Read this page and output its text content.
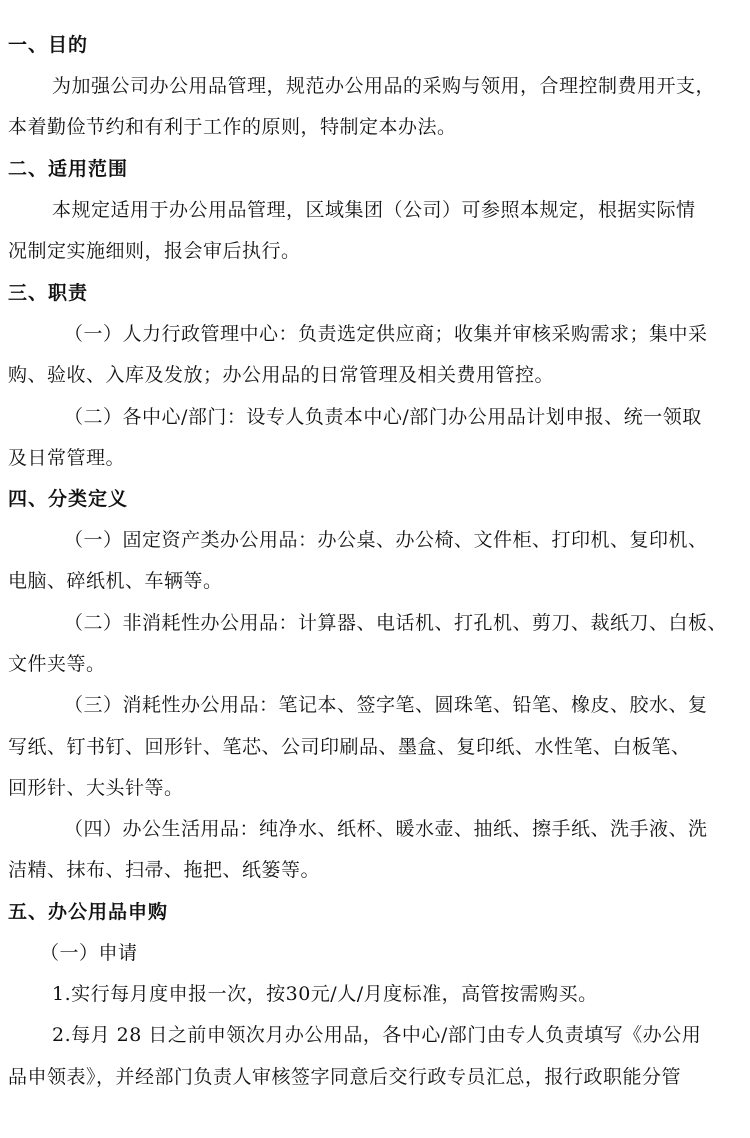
一、目的
为加强公司办公用品管理，规范办公用品的采购与领用，合理控制费用开支，
本着勤俭节约和有利于工作的原则，特制定本办法。
二、适用范围
本规定适用于办公用品管理，区域集团（公司）可参照本规定，根据实际情
况制定实施细则，报会审后执行。
三、职责
（一）人力行政管理中心：负责选定供应商；收集并审核采购需求；集中采
购、验收、入库及发放；办公用品的日常管理及相关费用管控。
（二）各中心/部门：设专人负责本中心/部门办公用品计划申报、统一领取
及日常管理。
四、分类定义
（一）固定资产类办公用品：办公桌、办公椅、文件柜、打印机、复印机、
电脑、碎纸机、车辆等。
（二）非消耗性办公用品：计算器、电话机、打孔机、剪刀、裁纸刀、白板、
文件夹等。
（三）消耗性办公用品：笔记本、签字笔、圆珠笔、铅笔、橡皮、胶水、复
写纸、钉书钉、回形针、笔芯、公司印刷品、墨盒、复印纸、水性笔、白板笔、
回形针、大头针等。
（四）办公生活用品：纯净水、纸杯、暖水壶、抽纸、擦手纸、洗手液、洗
洁精、抹布、扫帚、拖把、纸篓等。
五、办公用品申购
（一）申请
1.实行每月度申报一次，按30元/人/月度标准，高管按需购买。
2.每月 28 日之前申领次月办公用品，各中心/部门由专人负责填写《办公用
品申领表》，并经部门负责人审核签字同意后交行政专员汇总，报行政职能分管
